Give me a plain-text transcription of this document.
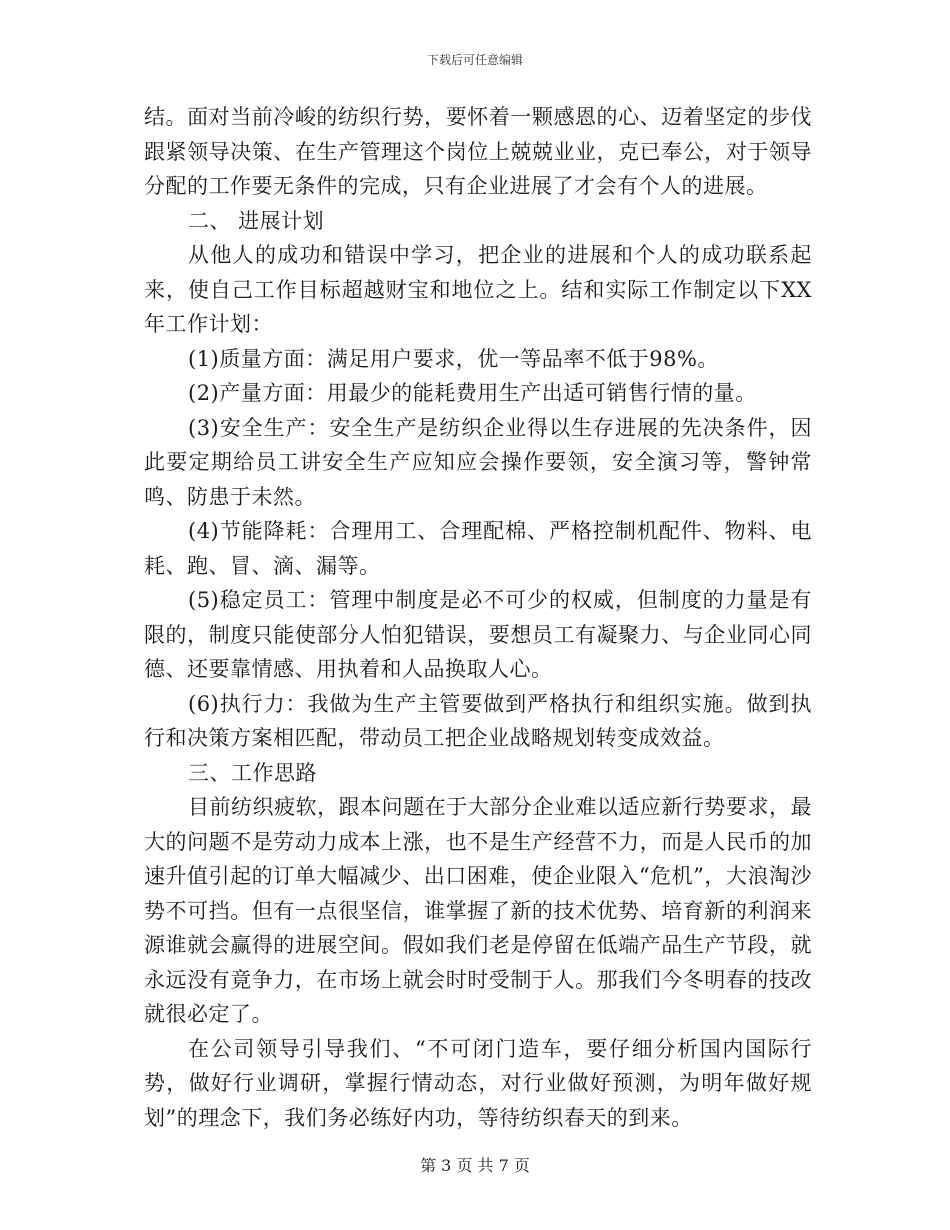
下载后可任意编辑

结。面对当前冷峻的纺织行势，要怀着一颗感恩的心、迈着坚定的步伐跟紧领导决策、在生产管理这个岗位上兢兢业业，克已奉公，对于领导分配的工作要无条件的完成，只有企业进展了才会有个人的进展。

二、 进展计划

从他人的成功和错误中学习，把企业的进展和个人的成功联系起来，使自己工作目标超越财宝和地位之上。结和实际工作制定以下XX年工作计划：

(1)质量方面：满足用户要求，优一等品率不低于98%。

(2)产量方面：用最少的能耗费用生产出适可销售行情的量。

(3)安全生产：安全生产是纺织企业得以生存进展的先决条件，因此要定期给员工讲安全生产应知应会操作要领，安全演习等，警钟常鸣、防患于未然。

(4)节能降耗：合理用工、合理配棉、严格控制机配件、物料、电耗、跑、冒、滴、漏等。

(5)稳定员工：管理中制度是必不可少的权威，但制度的力量是有限的，制度只能使部分人怕犯错误，要想员工有凝聚力、与企业同心同德、还要靠情感、用执着和人品换取人心。

(6)执行力：我做为生产主管要做到严格执行和组织实施。做到执行和决策方案相匹配，带动员工把企业战略规划转变成效益。

三、工作思路

目前纺织疲软，跟本问题在于大部分企业难以适应新行势要求，最大的问题不是劳动力成本上涨，也不是生产经营不力，而是人民币的加速升值引起的订单大幅减少、出口困难，使企业限入“危机”，大浪淘沙势不可挡。但有一点很坚信，谁掌握了新的技术优势、培育新的利润来源谁就会赢得的进展空间。假如我们老是停留在低端产品生产节段，就永远没有竟争力，在市场上就会时时受制于人。那我们今冬明春的技改就很必定了。

在公司领导引导我们、“不可闭门造车，要仔细分析国内国际行势，做好行业调研，掌握行情动态，对行业做好预测，为明年做好规划”的理念下，我们务必练好内功，等待纺织春天的到来。

第 3 页 共 7 页
